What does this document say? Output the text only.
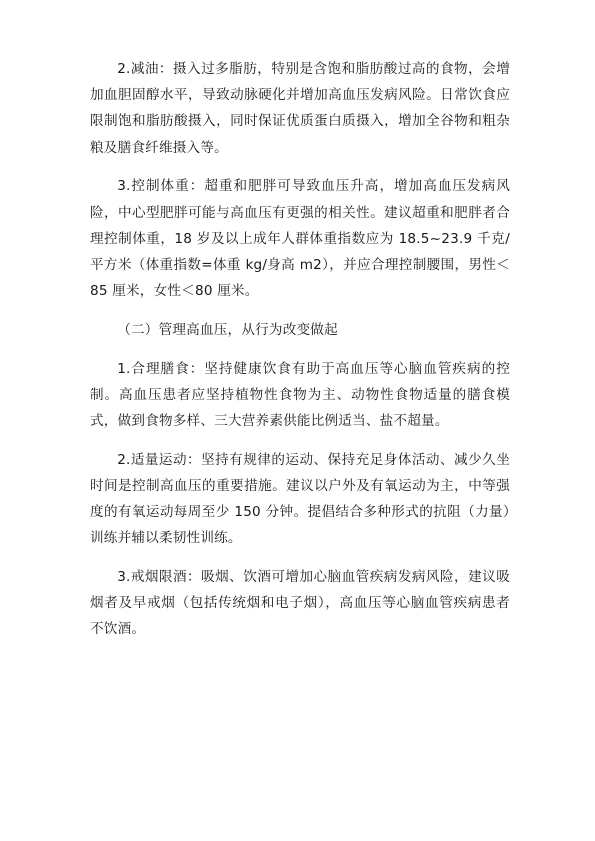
2.减油：摄入过多脂肪，特别是含饱和脂肪酸过高的食物，会增加血胆固醇水平，导致动脉硬化并增加高血压发病风险。日常饮食应限制饱和脂肪酸摄入，同时保证优质蛋白质摄入，增加全谷物和粗杂粮及膳食纤维摄入等。

3.控制体重：超重和肥胖可导致血压升高，增加高血压发病风险，中心型肥胖可能与高血压有更强的相关性。建议超重和肥胖者合理控制体重，18 岁及以上成年人群体重指数应为 18.5~23.9 千克/平方米（体重指数=体重 kg/身高 m2），并应合理控制腰围，男性＜85 厘米，女性＜80 厘米。

（二）管理高血压，从行为改变做起

1.合理膳食：坚持健康饮食有助于高血压等心脑血管疾病的控制。高血压患者应坚持植物性食物为主、动物性食物适量的膳食模式，做到食物多样、三大营养素供能比例适当、盐不超量。

2.适量运动：坚持有规律的运动、保持充足身体活动、减少久坐时间是控制高血压的重要措施。建议以户外及有氧运动为主，中等强度的有氧运动每周至少 150 分钟。提倡结合多种形式的抗阻（力量）训练并辅以柔韧性训练。

3.戒烟限酒：吸烟、饮酒可增加心脑血管疾病发病风险，建议吸烟者及早戒烟（包括传统烟和电子烟），高血压等心脑血管疾病患者不饮酒。
